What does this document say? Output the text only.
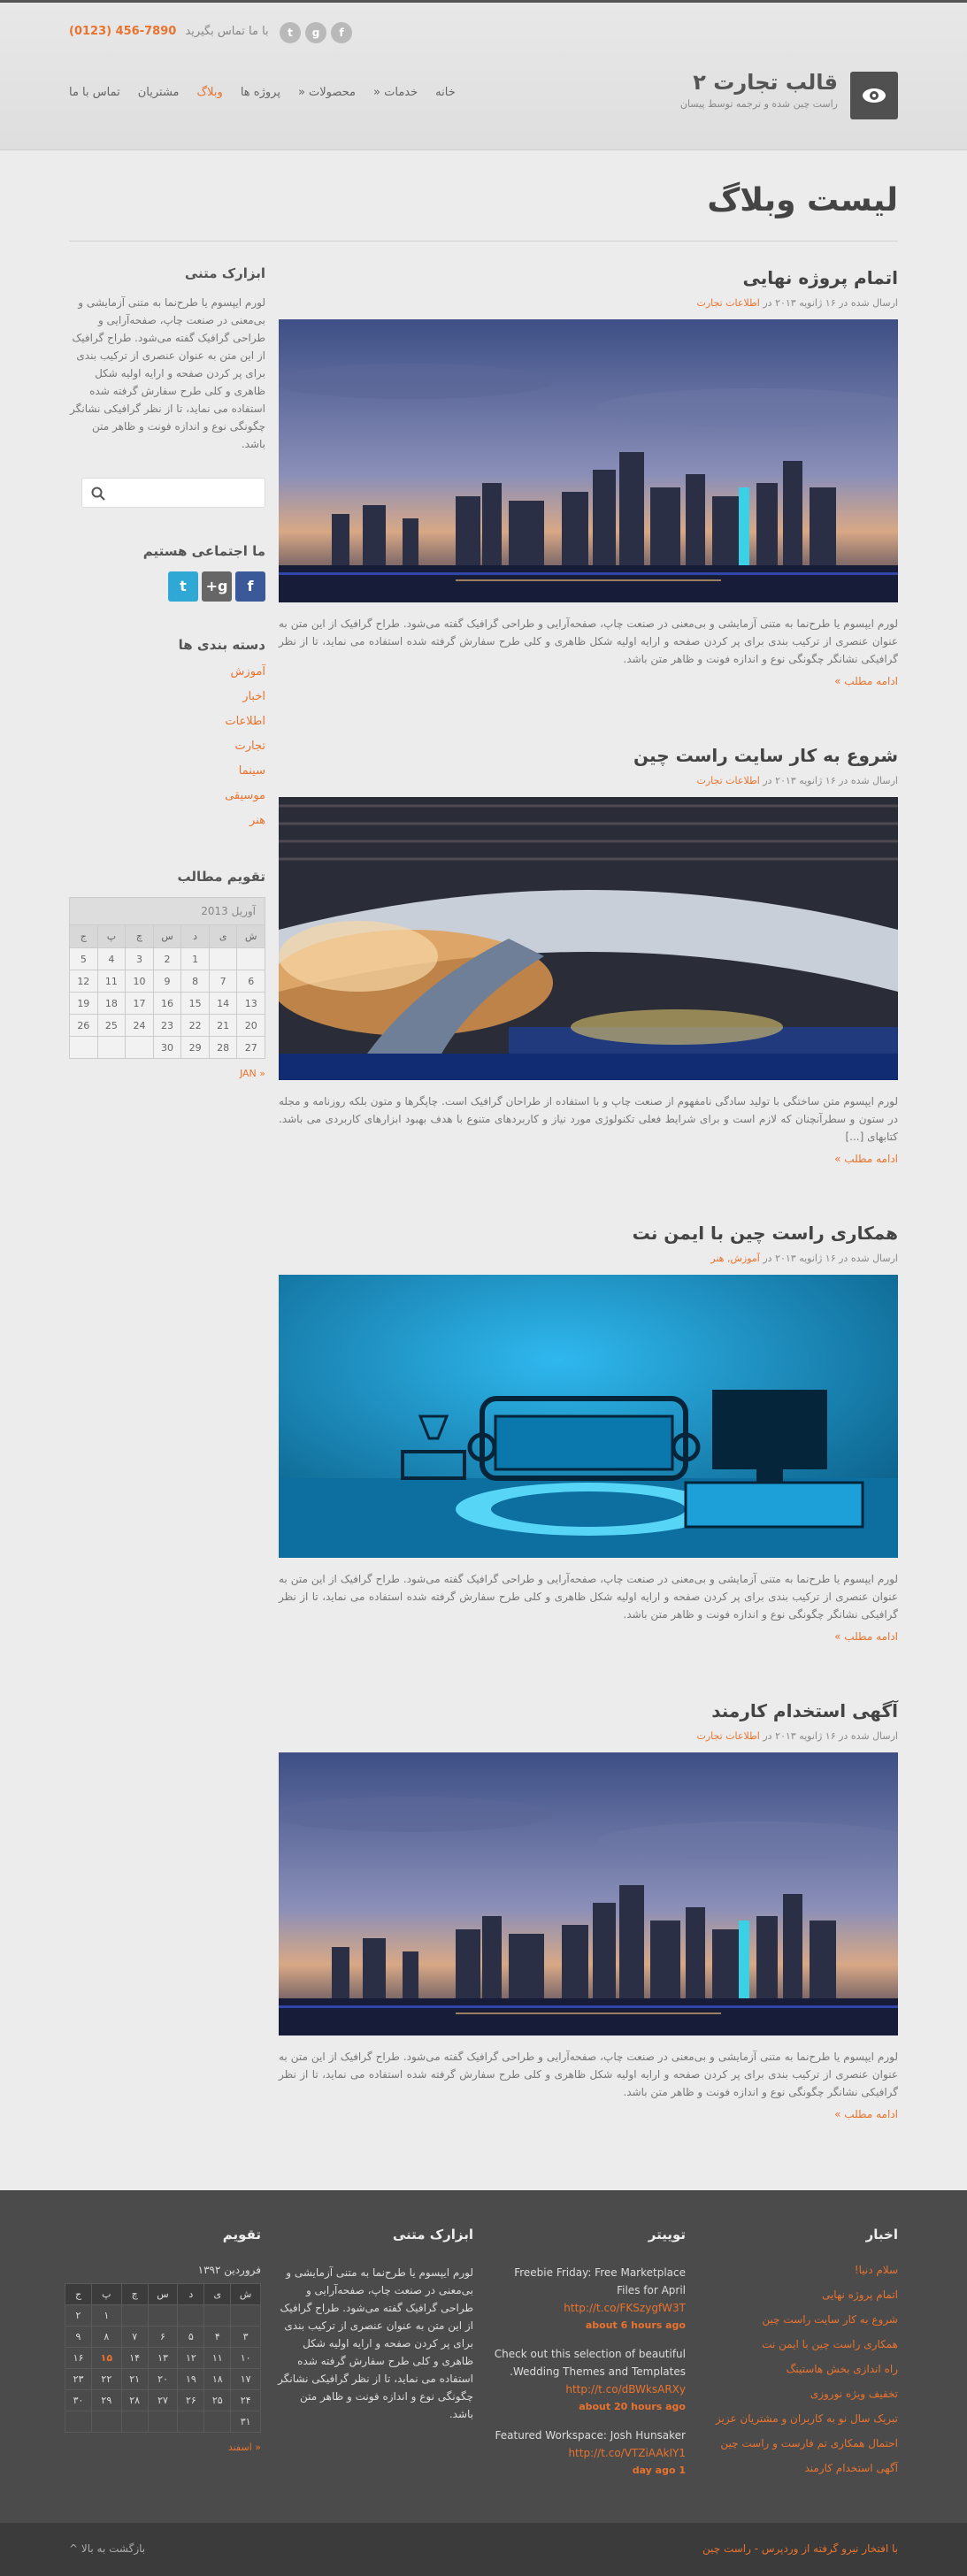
(0123) 456-7890 با ما تماس بگیرید	t	g	f
قالب تجارت ۲
راست چین شده و ترجمه توسط پیسان
خانه
خدمات «
محصولات «
پروژه ها
وبلاگ
مشتریان
تماس با ما
لیست وبلاگ
اتمام پروژه نهایی
ارسال شده در ۱۶ ژانویه ۲۰۱۳ در اطلاعات تجارت

لورم ایپسوم یا طرح‌نما به متنی آزمایشی و بی‌معنی در صنعت چاپ، صفحه‌آرایی و طراحی گرافیک گفته می‌شود. طراح گرافیک از این متن به عنوان عنصری از ترکیب بندی برای پر کردن صفحه و ارایه اولیه شکل ظاهری و کلی طرح سفارش گرفته شده استفاده می نماید، تا از نظر گرافیکی نشانگر چگونگی نوع و اندازه فونت و ظاهر متن باشد.

ادامه مطلب »
شروع به کار سایت راست چین
ارسال شده در ۱۶ ژانویه ۲۰۱۳ در اطلاعات تجارت

لورم ایپسوم متن ساختگی با تولید سادگی نامفهوم از صنعت چاپ و با استفاده از طراحان گرافیک است. چاپگرها و متون بلکه روزنامه و مجله در ستون و سطرآنچنان که لازم است و برای شرایط فعلی تکنولوژی مورد نیاز و کاربردهای متنوع با هدف بهبود ابزارهای کاربردی می باشد. کتابهای [...]

ادامه مطلب »
همکاری راست چین با ایمن نت
ارسال شده در ۱۶ ژانویه ۲۰۱۳ در آموزش, هنر

لورم ایپسوم یا طرح‌نما به متنی آزمایشی و بی‌معنی در صنعت چاپ، صفحه‌آرایی و طراحی گرافیک گفته می‌شود. طراح گرافیک از این متن به عنوان عنصری از ترکیب بندی برای پر کردن صفحه و ارایه اولیه شکل ظاهری و کلی طرح سفارش گرفته شده استفاده می نماید، تا از نظر گرافیکی نشانگر چگونگی نوع و اندازه فونت و ظاهر متن باشد.

ادامه مطلب »
آگهی استخدام کارمند
ارسال شده در ۱۶ ژانویه ۲۰۱۳ در اطلاعات تجارت

لورم ایپسوم یا طرح‌نما به متنی آزمایشی و بی‌معنی در صنعت چاپ، صفحه‌آرایی و طراحی گرافیک گفته می‌شود. طراح گرافیک از این متن به عنوان عنصری از ترکیب بندی برای پر کردن صفحه و ارایه اولیه شکل ظاهری و کلی طرح سفارش گرفته شده استفاده می نماید، تا از نظر گرافیکی نشانگر چگونگی نوع و اندازه فونت و ظاهر متن باشد.

ادامه مطلب »
ابزارک متنی

لورم ایپسوم یا طرح‌نما به متنی آزمایشی و بی‌معنی در صنعت چاپ، صفحه‌آرایی و طراحی گرافیک گفته می‌شود. طراح گرافیک از این متن به عنوان عنصری از ترکیب بندی برای پر کردن صفحه و ارایه اولیه شکل ظاهری و کلی طرح سفارش گرفته شده استفاده می نماید، تا از نظر گرافیکی نشانگر چگونگی نوع و اندازه فونت و ظاهر متن باشد.

ما اجتماعی هستیم
f
g+
t
دسته بندی ها
آموزش
اخبار
اطلاعات
تجارت
سینما
موسیقی
هنر
تقویم مطالب
آوریل 2013
ش	ی	د	س	چ	پ	ج
		1	2	3	4	5
6	7	8	9	10	11	12
13	14	15	16	17	18	19
20	21	22	23	24	25	26
27	28	29	30			
« JAN
اخبار
سلام دنیا!
اتمام پروژه نهایی
شروع به کار سایت راست چین
همکاری راست چین با ایمن نت
راه اندازی بخش هاستینگ
تخفیف ویژه نوروزی
تبریک سال نو به کاربران و مشتریان عزیز
احتمال همکاری تم فارست و راست چین
آگهی استخدام کارمند
توییتر
Freebie Friday: Free Marketplace Files for April
http://t.co/FKSzygfW3T
about 6 hours ago
Check out this selection of beautiful Wedding Themes and Templates.
http://t.co/dBWksARXy
about 20 hours ago
Featured Workspace: Josh Hunsaker
http://t.co/VTZiAAkIY1
day ago 1
ابزارک متنی

لورم ایپسوم یا طرح‌نما به متنی آزمایشی و بی‌معنی در صنعت چاپ، صفحه‌آرایی و طراحی گرافیک گفته می‌شود. طراح گرافیک از این متن به عنوان عنصری از ترکیب بندی برای پر کردن صفحه و ارایه اولیه شکل ظاهری و کلی طرح سفارش گرفته شده استفاده می نماید، تا از نظر گرافیکی نشانگر چگونگی نوع و اندازه فونت و ظاهر متن باشد.

تقویم
فروردین ۱۳۹۲
ش	ی	د	س	چ	پ	ج
					۱	۲
۳	۴	۵	۶	۷	۸	۹
۱۰	۱۱	۱۲	۱۳	۱۴	۱۵	۱۶
۱۷	۱۸	۱۹	۲۰	۲۱	۲۲	۲۳
۲۴	۲۵	۲۶	۲۷	۲۸	۲۹	۳۰
۳۱						
« اسفند
با افتخار نیرو گرفته از وردپرس - راست چین
بازگشت به بالا ^
